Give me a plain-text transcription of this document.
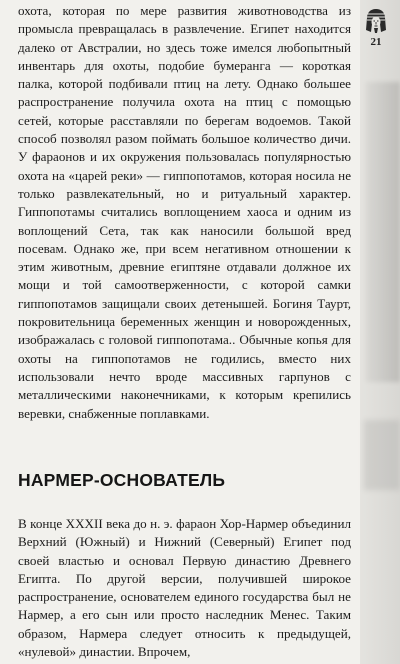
21

охота, которая по мере развития животноводства из промысла превращалась в развлечение. Египет находится далеко от Австралии, но здесь тоже имелся любопытный инвентарь для охоты, подобие бумеранга — короткая палка, которой подбивали птиц на лету. Однако большее распространение получила охота на птиц с помощью сетей, которые расставляли по берегам водоемов. Такой способ позволял разом поймать большое количество дичи. У фараонов и их окружения пользовалась популярностью охота на «царей реки» — гиппопотамов, которая носила не только развлекательный, но и ритуальный характер. Гиппопотамы считались воплощением хаоса и одним из воплощений Сета, так как наносили большой вред посевам. Однако же, при всем негативном отношении к этим животным, древние египтяне отдавали должное их мощи и той самоотверженности, с которой самки гиппопотамов защищали своих детенышей. Богиня Таурт, покровительница беременных женщин и новорожденных, изображалась с головой гиппопотама.. Обычные копья для охоты на гиппопотамов не годились, вместо них использовали нечто вроде массивных гарпунов с металлическими наконечниками, к которым крепились веревки, снабженные поплавками.

НАРМЕР-ОСНОВАТЕЛЬ

В конце XXXII века до н. э. фараон Хор-Нармер объединил Верхний (Южный) и Нижний (Северный) Египет под своей властью и основал Первую династию Древнего Египта. По другой версии, получившей широкое распространение, основателем единого государства был не Нармер, а его сын или просто наследник Менес. Таким образом, Нармера следует относить к предыдущей, «нулевой» династии. Впрочем,
